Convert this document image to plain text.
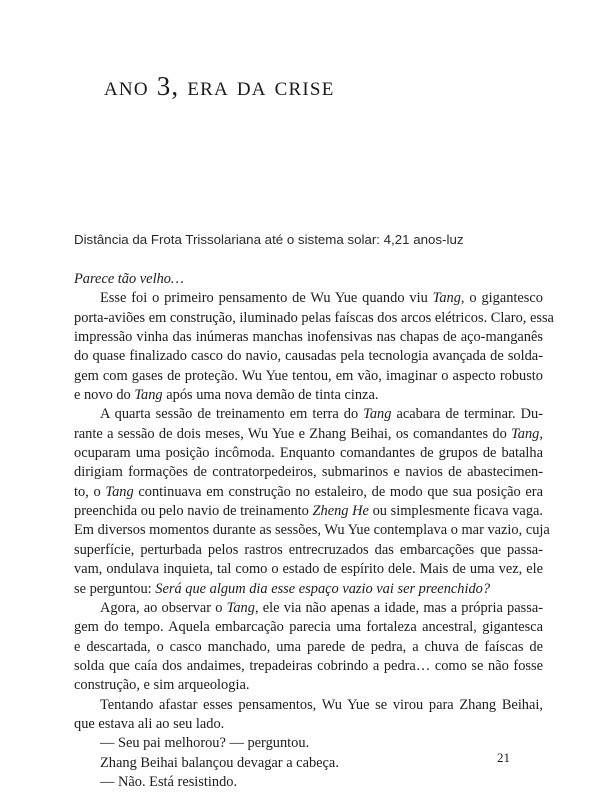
ano 3, era da crise
Distância da Frota Trissolariana até o sistema solar: 4,21 anos-luz
Parece tão velho…
Esse foi o primeiro pensamento de Wu Yue quando viu Tang, o gigantesco
porta-aviões em construção, iluminado pelas faíscas dos arcos elétricos. Claro, essa
impressão vinha das inúmeras manchas inofensivas nas chapas de aço-manganês
do quase finalizado casco do navio, causadas pela tecnologia avançada de solda-
gem com gases de proteção. Wu Yue tentou, em vão, imaginar o aspecto robusto
e novo do Tang após uma nova demão de tinta cinza.
A quarta sessão de treinamento em terra do Tang acabara de terminar. Du-
rante a sessão de dois meses, Wu Yue e Zhang Beihai, os comandantes do Tang,
ocuparam uma posição incômoda. Enquanto comandantes de grupos de batalha
dirigiam formações de contratorpedeiros, submarinos e navios de abastecimen-
to, o Tang continuava em construção no estaleiro, de modo que sua posição era
preenchida ou pelo navio de treinamento Zheng He ou simplesmente ficava vaga.
Em diversos momentos durante as sessões, Wu Yue contemplava o mar vazio, cuja
superfície, perturbada pelos rastros entrecruzados das embarcações que passa-
vam, ondulava inquieta, tal como o estado de espírito dele. Mais de uma vez, ele
se perguntou: Será que algum dia esse espaço vazio vai ser preenchido?
Agora, ao observar o Tang, ele via não apenas a idade, mas a própria passa-
gem do tempo. Aquela embarcação parecia uma fortaleza ancestral, gigantesca
e descartada, o casco manchado, uma parede de pedra, a chuva de faíscas de
solda que caía dos andaimes, trepadeiras cobrindo a pedra… como se não fosse
construção, e sim arqueologia.
Tentando afastar esses pensamentos, Wu Yue se virou para Zhang Beihai,
que estava ali ao seu lado.
— Seu pai melhorou? — perguntou.
Zhang Beihai balançou devagar a cabeça.
— Não. Está resistindo.
21
